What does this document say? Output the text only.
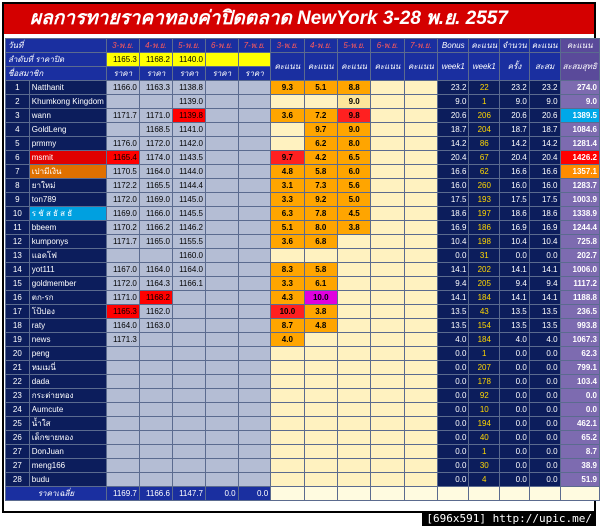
ผลการทายราคาทองค่าปิดตลาด NewYork 3-28 พ.ย. 2557
วันที่		3-พ.ย.	4-พ.ย.	5-พ.ย.	6-พ.ย.	7-พ.ย.	3-พ.ย.	4-พ.ย.	5-พ.ย.	6-พ.ย.	7-พ.ย.	Bonus	คะแนน	จำนวน	คะแนน	คะแนน
ลำดับที่ ราคาปิด		1165.3	1168.2	1140.0			คะแนน	คะแนน	คะแนน	คะแนน	คะแนน	week1	week1	ครั้ง	สะสม	สะสมสุทธิ
ชื่อสมาชิก		ราคา	ราคา	ราคา	ราคา	ราคา										
1	Natthanit	1166.0	1163.3	1138.8			9.3	5.1	8.8			23.2	22	23.2	23.2	274.0
2	Khumkong Kingdom			1139.0					9.0			9.0	1	9.0	9.0	9.0
3	wann	1171.7	1171.0	1139.8			3.6	7.2	9.8			20.6	206	20.6	20.6	1389.5
4	GoldLeng		1168.5	1141.0				9.7	9.0			18.7	204	18.7	18.7	1084.6
5	prmmy	1176.0	1172.0	1142.0				6.2	8.0			14.2	86	14.2	14.2	1281.4
6	msmit	1165.4	1174.0	1143.5			9.7	4.2	6.5			20.4	67	20.4	20.4	1426.2
7	เปามีเงิน	1170.5	1164.0	1144.0			4.8	5.8	6.0			16.6	62	16.6	16.6	1357.1
8	ยาใหม่	1172.2	1165.5	1144.4			3.1	7.3	5.6			16.0	260	16.0	16.0	1283.7
9	ton789	1172.0	1169.0	1145.0			3.3	9.2	5.0			17.5	193	17.5	17.5	1003.9
10	ร ชั ส ธั ส ธั	1169.0	1166.0	1145.5			6.3	7.8	4.5			18.6	197	18.6	18.6	1338.9
11	bbeem	1170.2	1166.2	1146.2			5.1	8.0	3.8			16.9	186	16.9	16.9	1244.4
12	kumponys	1171.7	1165.0	1155.5			3.6	6.8				10.4	198	10.4	10.4	725.8
13	แอดโฟ			1160.0								0.0	31	0.0	0.0	202.7
14	yot111	1167.0	1164.0	1164.0			8.3	5.8				14.1	202	14.1	14.1	1006.0
15	goldmember	1172.0	1164.3	1166.1			3.3	6.1				9.4	205	9.4	9.4	1117.2
16	ตก-รก	1171.0	1168.2				4.3	10.0				14.1	184	14.1	14.1	1188.8
17	โป้ปอง	1165.3	1162.0				10.0	3.8				13.5	43	13.5	13.5	236.5
18	raty	1164.0	1163.0				8.7	4.8				13.5	154	13.5	13.5	993.8
19	news	1171.3					4.0					4.0	184	4.0	4.0	1067.3
20	peng											0.0	1	0.0	0.0	62.3
21	หมเมนี่											0.0	207	0.0	0.0	799.1
22	dada											0.0	178	0.0	0.0	103.4
23	กระต่ายทอง											0.0	92	0.0	0.0	0.0
24	Aumcute											0.0	10	0.0	0.0	0.0
25	น้ำใส											0.0	194	0.0	0.0	462.1
26	เด็กขายทอง											0.0	40	0.0	0.0	65.2
27	DonJuan											0.0	1	0.0	0.0	8.7
27	meng166											0.0	30	0.0	0.0	38.9
28	budu											0.0	4	0.0	0.0	51.9
ราคาเฉลี่ย		1169.7	1166.6	1147.7	0.0	0.0										
[696x591] http://upic.me/
